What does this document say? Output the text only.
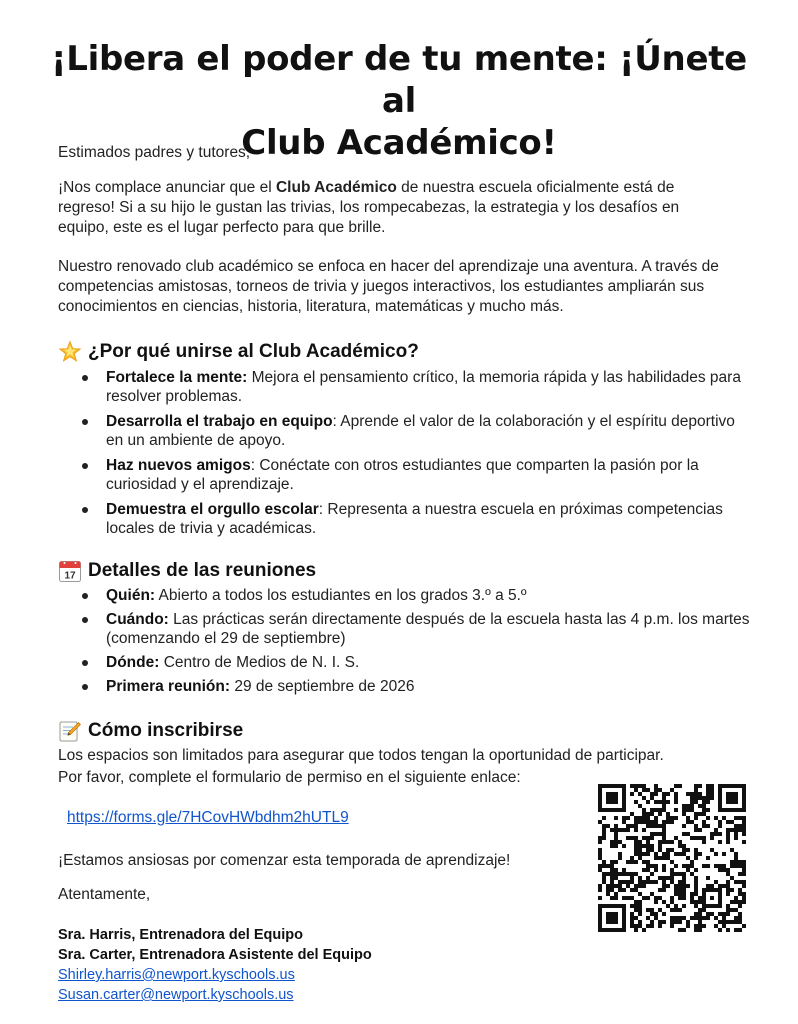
¡Libera el poder de tu mente: ¡Únete al
Club Académico!

Estimados padres y tutores,

¡Nos complace anunciar que el Club Académico de nuestra escuela oficialmente está de regreso! Si a su hijo le gustan las trivias, los rompecabezas, la estrategia y los desafíos en equipo, este es el lugar perfecto para que brille.

Nuestro renovado club académico se enfoca en hacer del aprendizaje una aventura. A través de competencias amistosas, torneos de trivia y juegos interactivos, los estudiantes ampliarán sus conocimientos en ciencias, historia, literatura, matemáticas y mucho más.

¿Por qué unirse al Club Académico?
Fortalece la mente: Mejora el pensamiento crítico, la memoria rápida y las habilidades para resolver problemas.
Desarrolla el trabajo en equipo: Aprende el valor de la colaboración y el espíritu deportivo en un ambiente de apoyo.
Haz nuevos amigos: Conéctate con otros estudiantes que comparten la pasión por la curiosidad y el aprendizaje.
Demuestra el orgullo escolar: Representa a nuestra escuela en próximas competencias locales de trivia y académicas.
17 Detalles de las reuniones
Quién: Abierto a todos los estudiantes en los grados 3.º a 5.º
Cuándo: Las prácticas serán directamente después de la escuela hasta las 4 p.m. los martes (comenzando el 29 de septiembre)
Dónde: Centro de Medios de N. I. S.
Primera reunión: 29 de septiembre de 2026
Cómo inscribirse

Los espacios son limitados para asegurar que todos tengan la oportunidad de participar.
Por favor, complete el formulario de permiso en el siguiente enlace:

https://forms.gle/7HCovHWbdhm2hUTL9

¡Estamos ansiosas por comenzar esta temporada de aprendizaje!

Atentamente,

Sra. Harris, Entrenadora del Equipo
Sra. Carter, Entrenadora Asistente del Equipo
Shirley.harris@newport.kyschools.us
Susan.carter@newport.kyschools.us
